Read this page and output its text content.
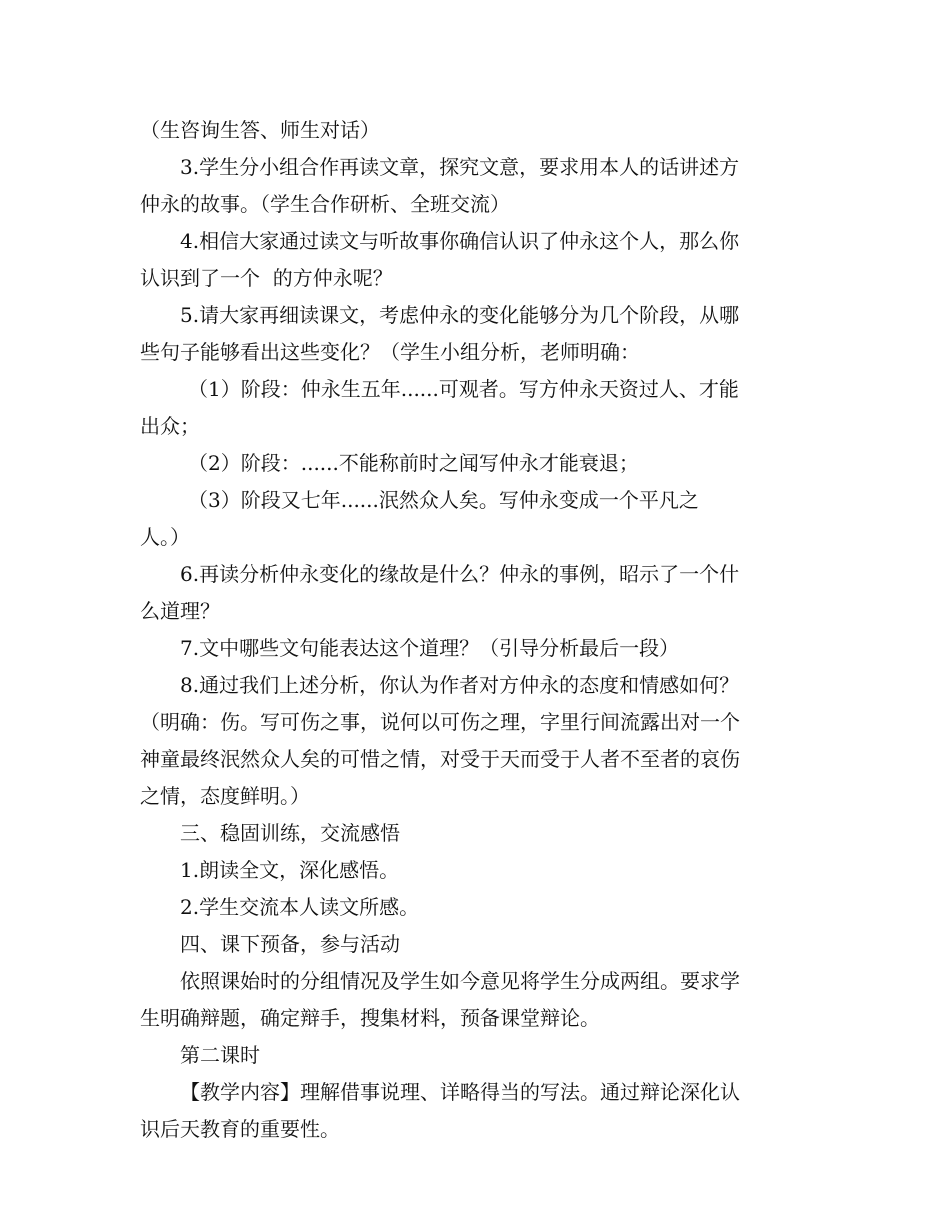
（生咨询生答、师生对话）
3.学生分小组合作再读文章，探究文意，要求用本人的话讲述方
仲永的故事。（学生合作研析、全班交流）
4.相信大家通过读文与听故事你确信认识了仲永这个人，那么你
认识到了一个  的方仲永呢？
5.请大家再细读课文，考虑仲永的变化能够分为几个阶段，从哪
些句子能够看出这些变化？（学生小组分析，老师明确：
（1）阶段：仲永生五年......可观者。写方仲永天资过人、才能
出众；
（2）阶段：......不能称前时之闻写仲永才能衰退；
（3）阶段又七年......泯然众人矣。写仲永变成一个平凡之
人。）
6.再读分析仲永变化的缘故是什么？仲永的事例，昭示了一个什
么道理？
7.文中哪些文句能表达这个道理？（引导分析最后一段）
8.通过我们上述分析，你认为作者对方仲永的态度和情感如何？
（明确：伤。写可伤之事，说何以可伤之理，字里行间流露出对一个
神童最终泯然众人矣的可惜之情，对受于天而受于人者不至者的哀伤
之情，态度鲜明。）
三、稳固训练，交流感悟
1.朗读全文，深化感悟。
2.学生交流本人读文所感。
四、课下预备，参与活动
依照课始时的分组情况及学生如今意见将学生分成两组。要求学
生明确辩题，确定辩手，搜集材料，预备课堂辩论。
第二课时
【教学内容】理解借事说理、详略得当的写法。通过辩论深化认
识后天教育的重要性。
